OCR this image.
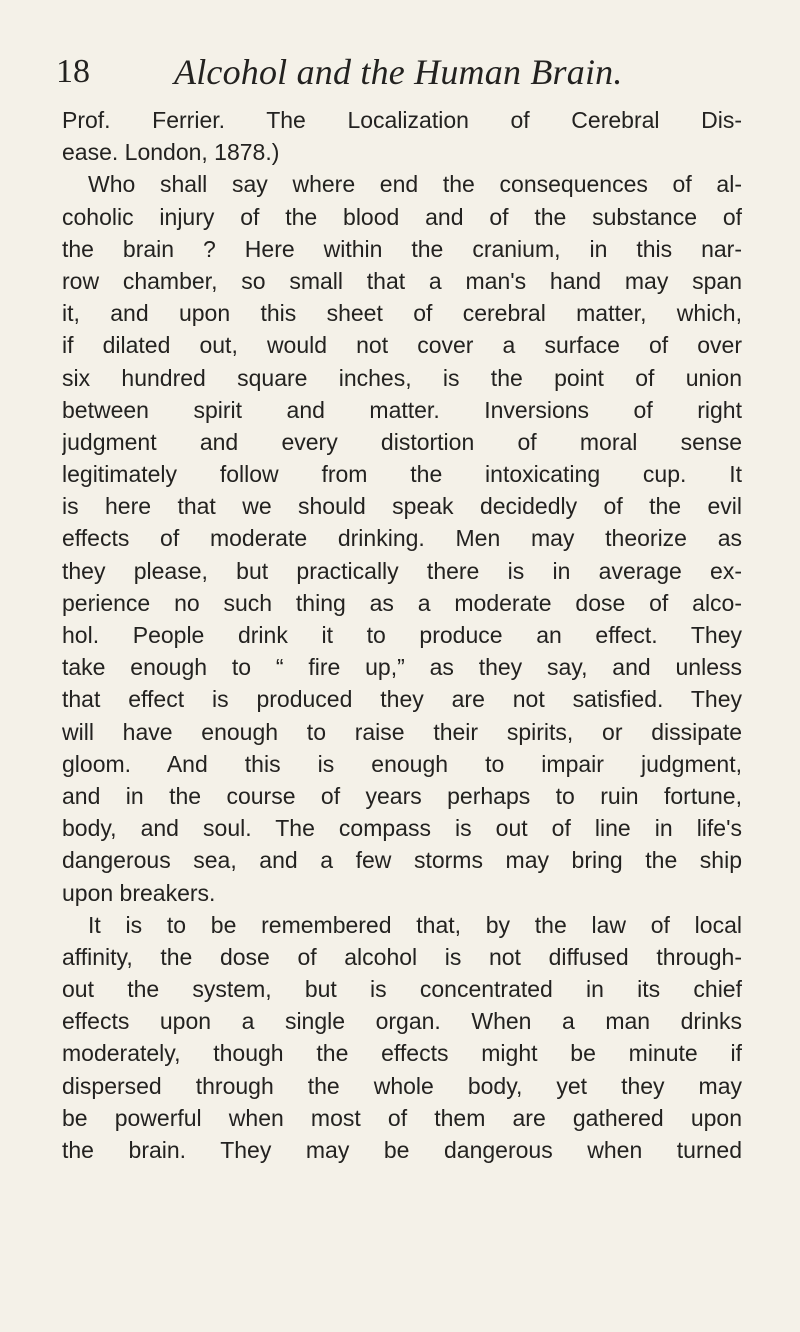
18 Alcohol and the Human Brain.
Prof. Ferrier. The Localization of Cerebral Dis-
ease. London, 1878.)
Who shall say where end the consequences of al-
coholic injury of the blood and of the substance of
the brain ? Here within the cranium, in this nar-
row chamber, so small that a man's hand may span
it, and upon this sheet of cerebral matter, which,
if dilated out, would not cover a surface of over
six hundred square inches, is the point of union
between spirit and matter. Inversions of right
judgment and every distortion of moral sense
legitimately follow from the intoxicating cup. It
is here that we should speak decidedly of the evil
effects of moderate drinking. Men may theorize as
they please, but practically there is in average ex-
perience no such thing as a moderate dose of alco-
hol. People drink it to produce an effect. They
take enough to “ fire up,” as they say, and unless
that effect is produced they are not satisfied. They
will have enough to raise their spirits, or dissipate
gloom. And this is enough to impair judgment,
and in the course of years perhaps to ruin fortune,
body, and soul. The compass is out of line in life's
dangerous sea, and a few storms may bring the ship
upon breakers.
It is to be remembered that, by the law of local
affinity, the dose of alcohol is not diffused through-
out the system, but is concentrated in its chief
effects upon a single organ. When a man drinks
moderately, though the effects might be minute if
dispersed through the whole body, yet they may
be powerful when most of them are gathered upon
the brain. They may be dangerous when turned
